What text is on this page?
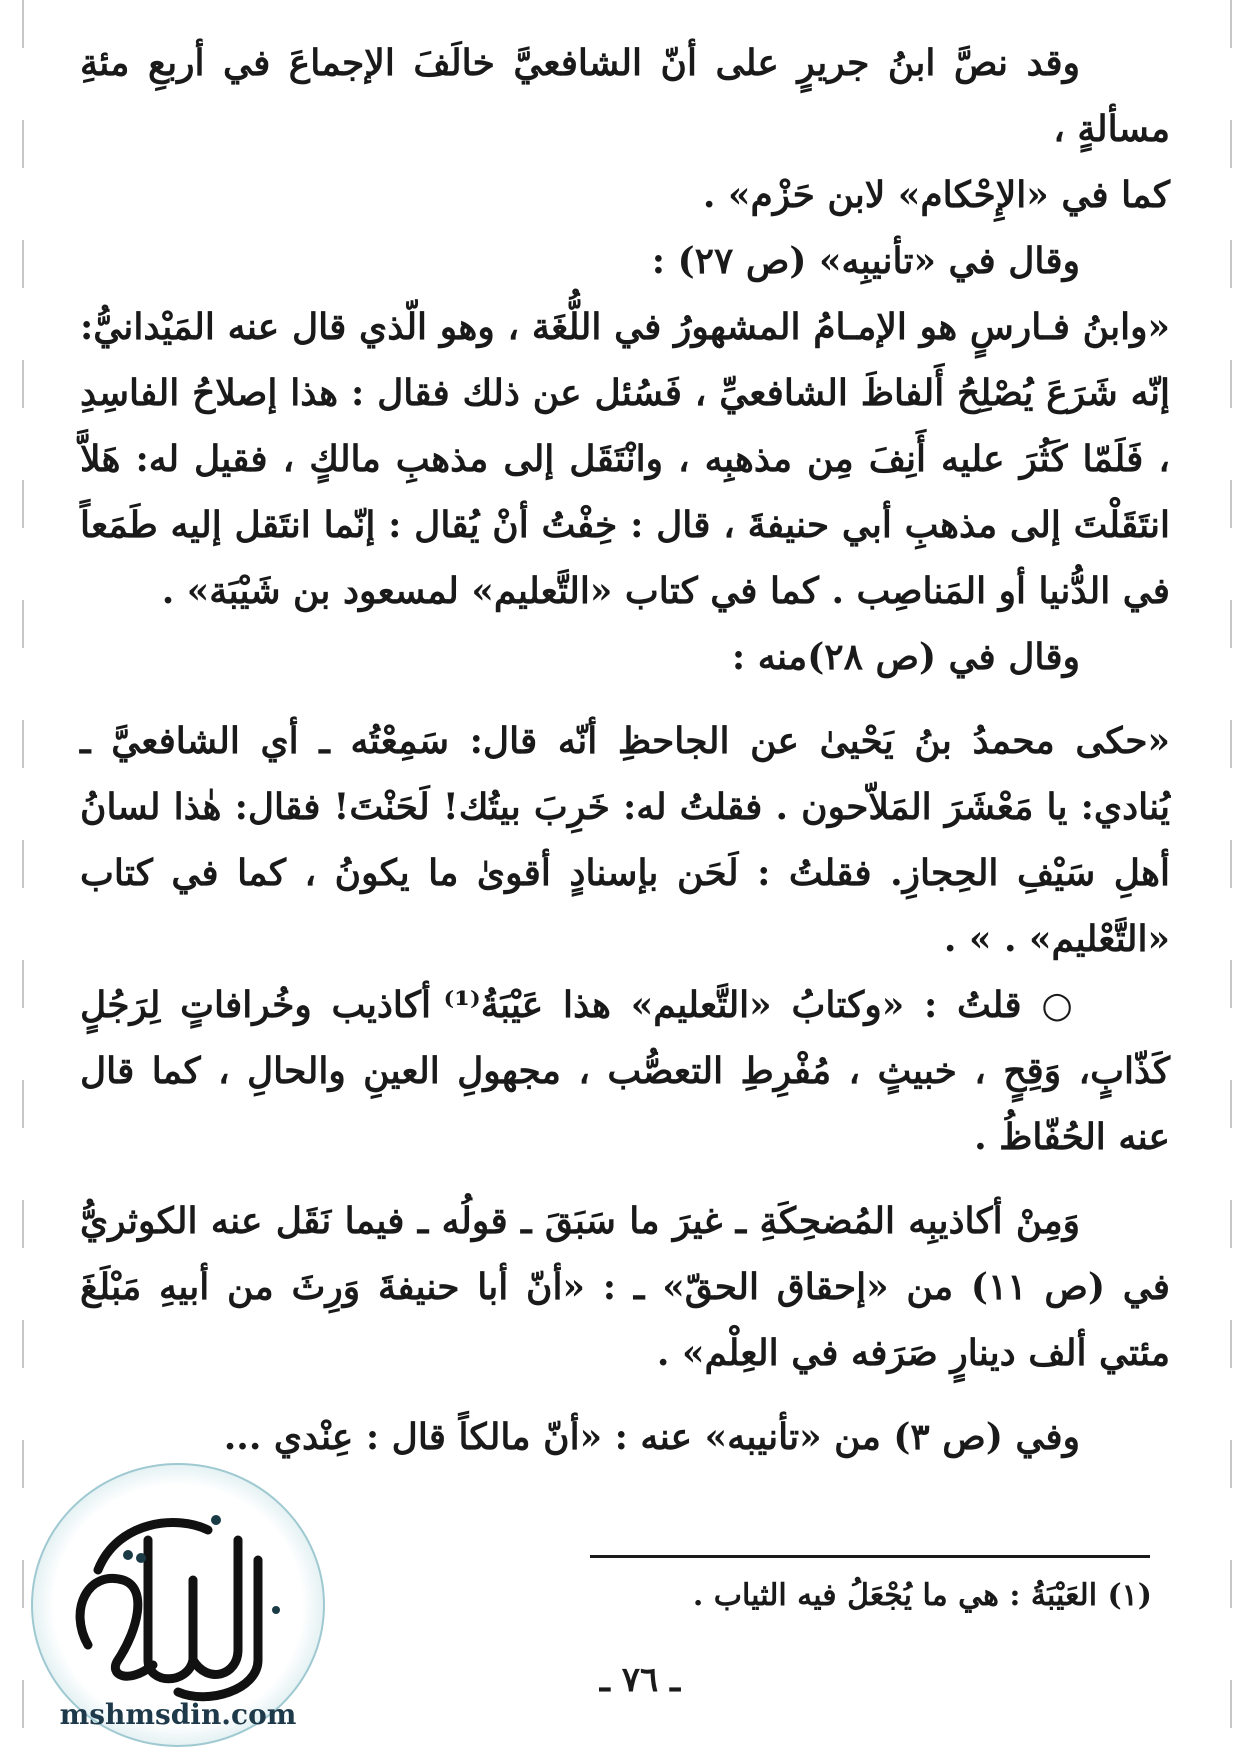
وقد نصَّ ابنُ جريرٍ على أنّ الشافعيَّ خالَفَ الإجماعَ في أربعِ مئةِ مسألةٍ ،

كما في «الإِحْكام» لابن حَزْم» .

وقال في «تأنيبِه» (ص ٢٧) :

«وابنُ فـارسٍ هو الإمـامُ المشهورُ في اللُّغَة ، وهو الّذي قال عنه المَيْدانيُّ: إنّه شَرَعَ يُصْلِحُ أَلفاظَ الشافعيِّ ، فَسُئل عن ذلك فقال : هذا إصلاحُ الفاسِدِ ، فَلَمّا كَثُرَ عليه أَنِفَ مِن مذهبِه ، وانْتَقَل إلى مذهبِ مالكٍ ، فقيل له: هَلاَّ انتَقَلْتَ إلى مذهبِ أبي حنيفةَ ، قال : خِفْتُ أنْ يُقال : إنّما انتَقل إليه طَمَعاً في الدُّنيا أو المَناصِب . كما في كتاب «التَّعليم» لمسعود بن شَيْبَة» .

وقال في (ص ٢٨)منه :

«حكى محمدُ بنُ يَحْيىٰ عن الجاحظِ أنّه قال: سَمِعْتُه ـ أي الشافعيَّ ـ يُنادي: يا مَعْشَرَ المَلاّحون . فقلتُ له: خَرِبَ بيتُك! لَحَنْتَ! فقال: هٰذا لسانُ أهلِ سَيْفِ الحِجازِ. فقلتُ : لَحَن بإسنادٍ أقوىٰ ما يكونُ ، كما في كتاب «التَّعْليم» . » .

○ قلتُ : «وكتابُ «التَّعليم» هذا عَيْبَةُ⁽¹⁾ أكاذيب وخُرافاتٍ لِرَجُلٍ كَذّابٍ، وَقِحٍ ، خبيثٍ ، مُفْرِطِ التعصُّب ، مجهولِ العينِ والحالِ ، كما قال عنه الحُفّاظُ .

وَمِنْ أكاذيبِه المُضحِكَةِ ـ غيرَ ما سَبَقَ ـ قولُه ـ فيما نَقَل عنه الكوثريُّ في (ص ١١) من «إحقاق الحقّ» ـ : «أنّ أبا حنيفةَ وَرِثَ من أبيهِ مَبْلَغَ مئتي ألف دينارٍ صَرَفه في العِلْم» .

وفي (ص ٣) من «تأنيبه» عنه : «أنّ مالكاً قال : عِنْدي ...

(١) العَيْبَةُ : هي ما يُجْعَلُ فيه الثياب .
ـ ٧٦ ـ
mshmsdin.com
